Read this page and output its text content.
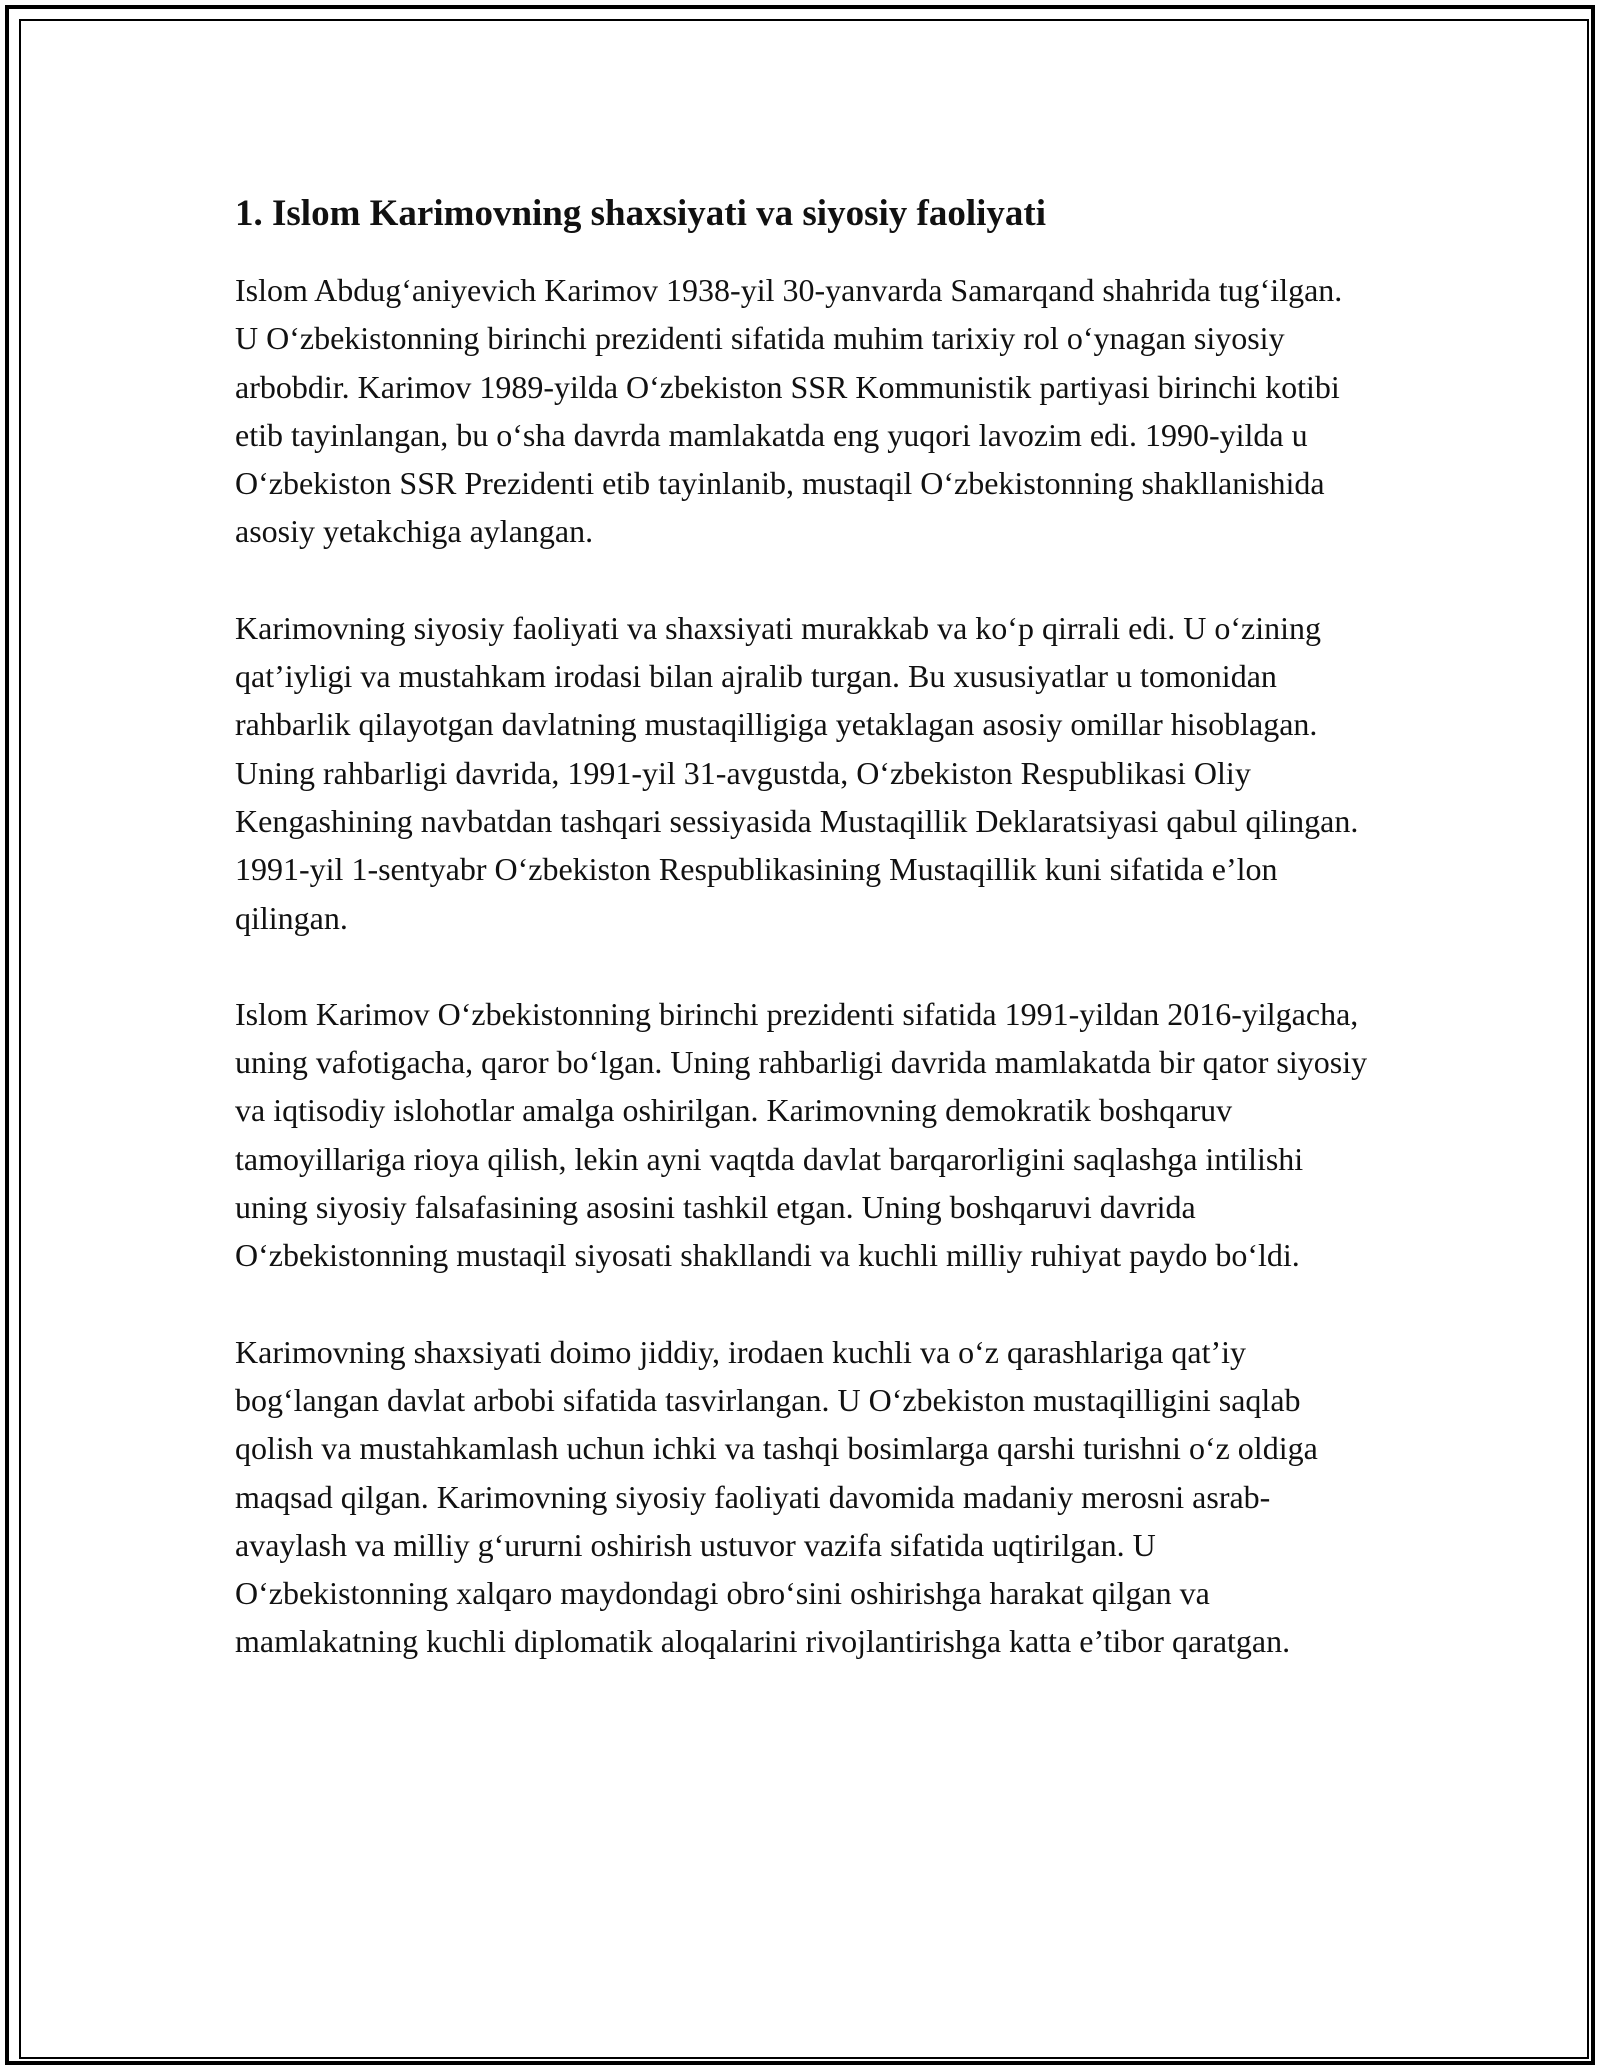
1. Islom Karimovning shaxsiyati va siyosiy faoliyati

Islom Abdug‘aniyevich Karimov 1938-yil 30-yanvarda Samarqand shahrida tug‘ilgan. U O‘zbekistonning birinchi prezidenti sifatida muhim tarixiy rol o‘ynagan siyosiy arbobdir. Karimov 1989-yilda O‘zbekiston SSR Kommunistik partiyasi birinchi kotibi etib tayinlangan, bu o‘sha davrda mamlakatda eng yuqori lavozim edi. 1990-yilda u O‘zbekiston SSR Prezidenti etib tayinlanib, mustaqil O‘zbekistonning shakllanishida asosiy yetakchiga aylangan.

Karimovning siyosiy faoliyati va shaxsiyati murakkab va ko‘p qirrali edi. U o‘zining qat’iyligi va mustahkam irodasi bilan ajralib turgan. Bu xususiyatlar u tomonidan rahbarlik qilayotgan davlatning mustaqilligiga yetaklagan asosiy omillar hisoblagan. Uning rahbarligi davrida, 1991-yil 31-avgustda, O‘zbekiston Respublikasi Oliy Kengashining navbatdan tashqari sessiyasida Mustaqillik Deklaratsiyasi qabul qilingan. 1991-yil 1-sentyabr O‘zbekiston Respublikasining Mustaqillik kuni sifatida e’lon qilingan.

Islom Karimov O‘zbekistonning birinchi prezidenti sifatida 1991-yildan 2016-yilgacha, uning vafotigacha, qaror bo‘lgan. Uning rahbarligi davrida mamlakatda bir qator siyosiy va iqtisodiy islohotlar amalga oshirilgan. Karimovning demokratik boshqaruv tamoyillariga rioya qilish, lekin ayni vaqtda davlat barqarorligini saqlashga intilishi uning siyosiy falsafasining asosini tashkil etgan. Uning boshqaruvi davrida O‘zbekistonning mustaqil siyosati shakllandi va kuchli milliy ruhiyat paydo bo‘ldi.

Karimovning shaxsiyati doimo jiddiy, irodaen kuchli va o‘z qarashlariga qat’iy bog‘langan davlat arbobi sifatida tasvirlangan. U O‘zbekiston mustaqilligini saqlab qolish va mustahkamlash uchun ichki va tashqi bosimlarga qarshi turishni o‘z oldiga maqsad qilgan. Karimovning siyosiy faoliyati davomida madaniy merosni asrab-avaylash va milliy g‘ururni oshirish ustuvor vazifa sifatida uqtirilgan. U O‘zbekistonning xalqaro maydondagi obro‘sini oshirishga harakat qilgan va mamlakatning kuchli diplomatik aloqalarini rivojlantirishga katta e’tibor qaratgan.
